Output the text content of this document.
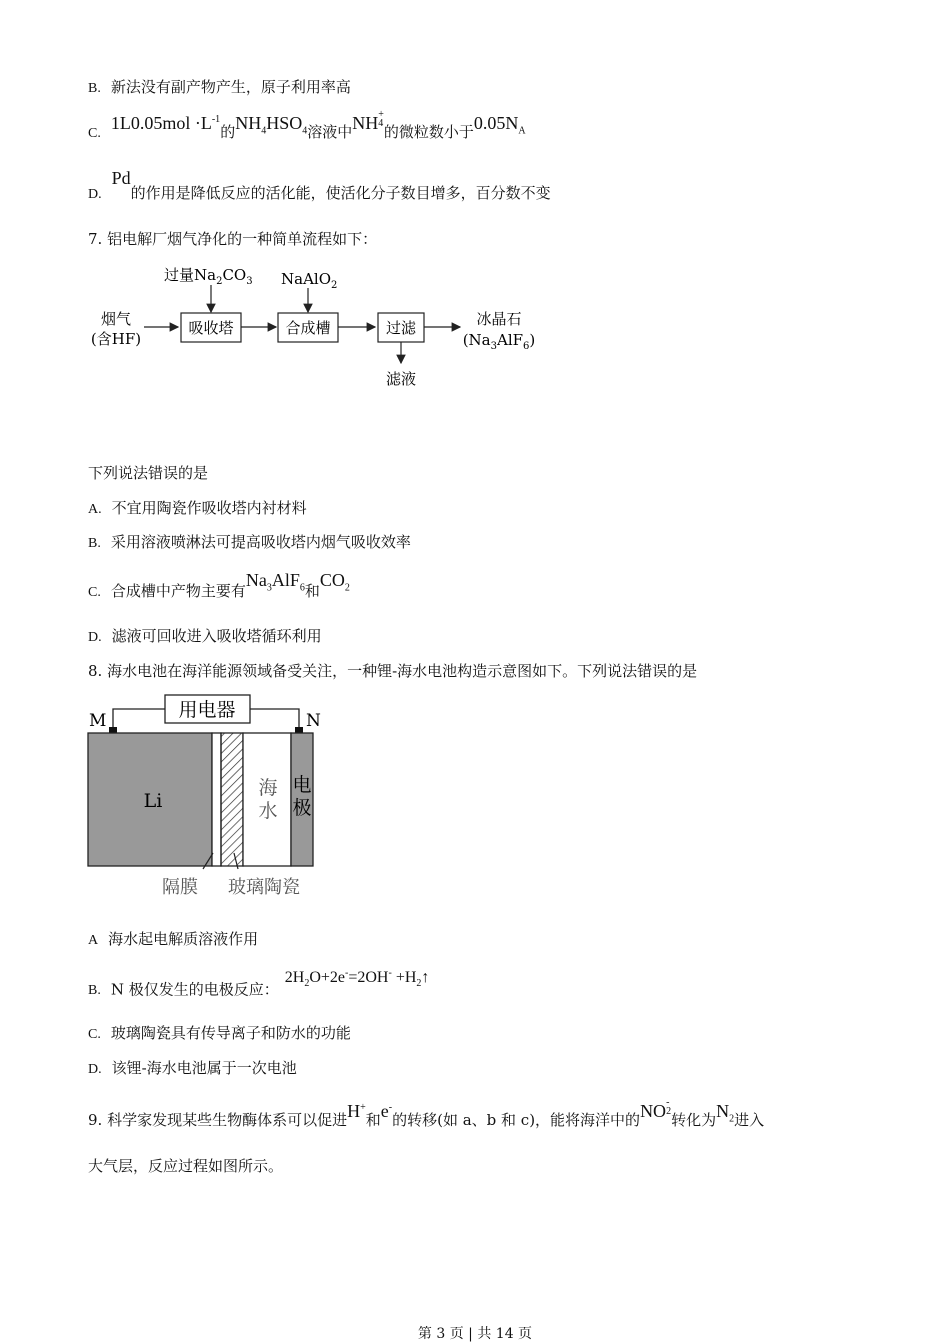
B. 新法没有副产物产生，原子利用率高
$C.1L0.05mol \cdot L^{-1}$的$NH_4HSO_4$溶液中NH +
4 的微粒数小于$0.05N_A$
D.Pd的作用是降低反应的活化能，使活化分子数目增多，百分数不变
7. 铝电解厂烟气净化的一种简单流程如下：
烟气
(含HF)
过量$Na_2CO_3$
吸收塔
NaAlO$_2$
合成槽	过滤	冰晶石
$(Na_3AlF_6)$
滤液
下列说法错误的是
A. 不宜用陶瓷作吸收塔内衬材料
B. 采用溶液喷淋法可提高吸收塔内烟气吸收效率
C. 合成槽中产物主要有$Na_3AlF_6$和$CO_2$
D. 滤液可回收进入吸收塔循环利用
8. 海水电池在海洋能源领域备受关注，一种锂-海水电池构造示意图如下。下列说法错误的是
M	N
用电器
Li
海
水
电
极
隔膜 玻璃陶瓷
A 海水起电解质溶液作用
B. N 极仅发生的电极反应：$2H_2O+2e^-=2OH^-$ $+H_2↑$
C. 玻璃陶瓷具有传导离子和防水的功能
D. 该锂-海水电池属于一次电池
9. 科学家发现某些生物酶体系可以促进H+和e-的转移(如 a、b 和 c)，能将海洋中的NO -
2 转化为$N_2$进入
大气层，反应过程如图所示。
第 3 页 | 共 14 页
